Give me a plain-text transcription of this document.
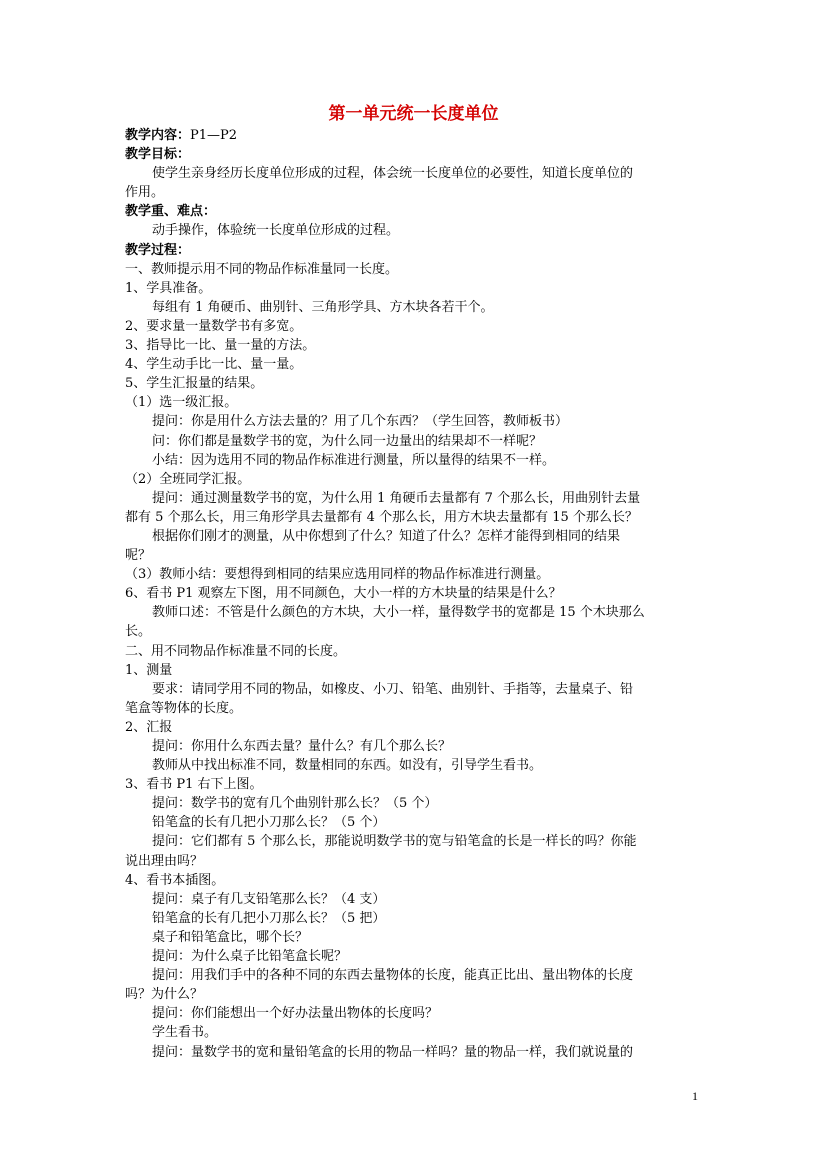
第一单元统一长度单位

教学内容：P1—P2

教学目标：

使学生亲身经历长度单位形成的过程，体会统一长度单位的必要性，知道长度单位的

作用。

教学重、难点：

动手操作，体验统一长度单位形成的过程。

教学过程：

一、教师提示用不同的物品作标准量同一长度。

1、学具准备。

每组有 1 角硬币、曲别针、三角形学具、方木块各若干个。

2、要求量一量数学书有多宽。

3、指导比一比、量一量的方法。

4、学生动手比一比、量一量。

5、学生汇报量的结果。

（1）选一级汇报。

提问：你是用什么方法去量的？用了几个东西？（学生回答，教师板书）

问：你们都是量数学书的宽，为什么同一边量出的结果却不一样呢？

小结：因为选用不同的物品作标准进行测量，所以量得的结果不一样。

（2）全班同学汇报。

提问：通过测量数学书的宽，为什么用 1 角硬币去量都有 7 个那么长，用曲别针去量

都有 5 个那么长，用三角形学具去量都有 4 个那么长，用方木块去量都有 15 个那么长？

根据你们刚才的测量，从中你想到了什么？知道了什么？怎样才能得到相同的结果

呢？

（3）教师小结：要想得到相同的结果应选用同样的物品作标准进行测量。

6、看书 P1 观察左下图，用不同颜色，大小一样的方木块量的结果是什么？

教师口述：不管是什么颜色的方木块，大小一样，量得数学书的宽都是 15 个木块那么

长。

二、用不同物品作标准量不同的长度。

1、测量

要求：请同学用不同的物品，如橡皮、小刀、铅笔、曲别针、手指等，去量桌子、铅

笔盒等物体的长度。

2、汇报

提问：你用什么东西去量？量什么？有几个那么长？

教师从中找出标准不同，数量相同的东西。如没有，引导学生看书。

3、看书 P1 右下上图。

提问：数学书的宽有几个曲别针那么长？（5 个）

铅笔盒的长有几把小刀那么长？（5 个）

提问：它们都有 5 个那么长，那能说明数学书的宽与铅笔盒的长是一样长的吗？你能

说出理由吗？

4、看书本插图。

提问：桌子有几支铅笔那么长？（4 支）

铅笔盒的长有几把小刀那么长？（5 把）

桌子和铅笔盒比，哪个长？

提问：为什么桌子比铅笔盒长呢？

提问：用我们手中的各种不同的东西去量物体的长度，能真正比出、量出物体的长度

吗？为什么？

提问：你们能想出一个好办法量出物体的长度吗？

学生看书。

提问：量数学书的宽和量铅笔盒的长用的物品一样吗？量的物品一样，我们就说量的

1
